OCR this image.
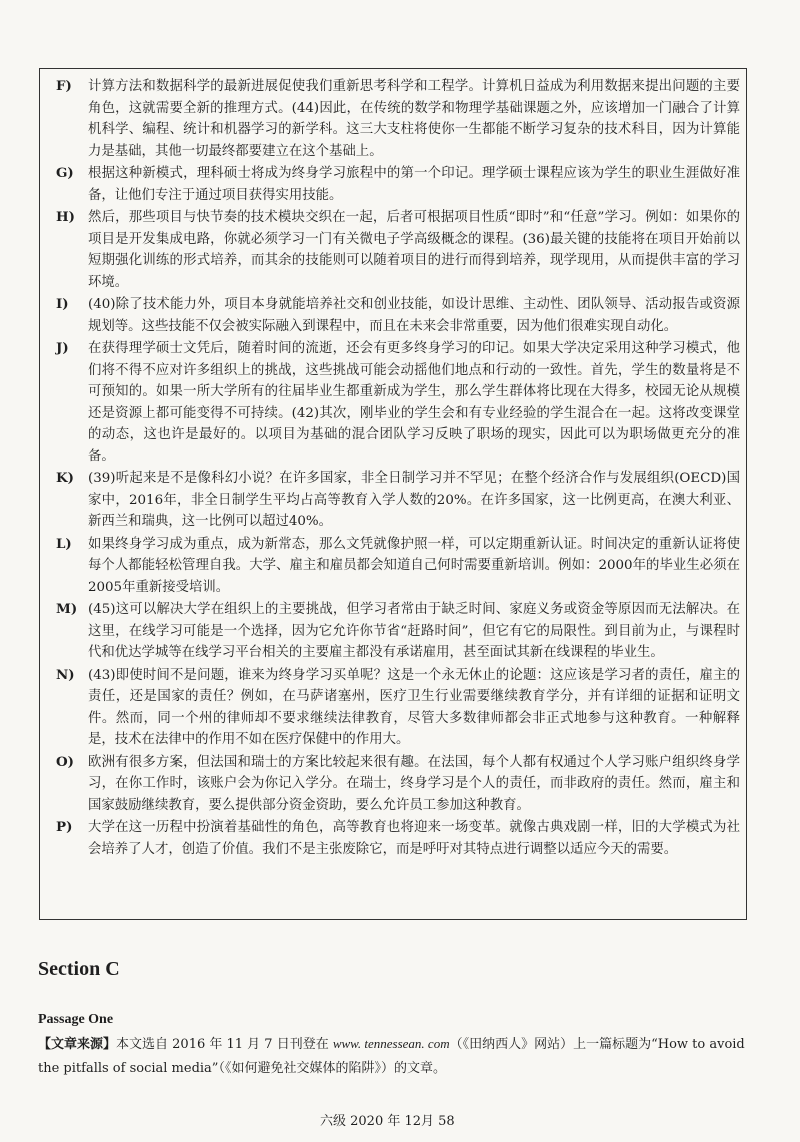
F) 计算方法和数据科学的最新进展促使我们重新思考科学和工程学。计算机日益成为利用数据来提出问题的主要角色，这就需要全新的推理方式。(44)因此，在传统的数学和物理学基础课题之外，应该增加一门融合了计算机科学、编程、统计和机器学习的新学科。这三大支柱将使你一生都能不断学习复杂的技术科目，因为计算能力是基础，其他一切最终都要建立在这个基础上。
G) 根据这种新模式，理科硕士将成为终身学习旅程中的第一个印记。理学硕士课程应该为学生的职业生涯做好准备，让他们专注于通过项目获得实用技能。
H) 然后，那些项目与快节奏的技术模块交织在一起，后者可根据项目性质“即时”和“任意”学习。例如：如果你的项目是开发集成电路，你就必须学习一门有关微电子学高级概念的课程。(36)最关键的技能将在项目开始前以短期强化训练的形式培养，而其余的技能则可以随着项目的进行而得到培养，现学现用，从而提供丰富的学习环境。
I) (40)除了技术能力外，项目本身就能培养社交和创业技能，如设计思维、主动性、团队领导、活动报告或资源规划等。这些技能不仅会被实际融入到课程中，而且在未来会非常重要，因为他们很难实现自动化。
J) 在获得理学硕士文凭后，随着时间的流逝，还会有更多终身学习的印记。如果大学决定采用这种学习模式，他们将不得不应对许多组织上的挑战，这些挑战可能会动摇他们地点和行动的一致性。首先，学生的数量将是不可预知的。如果一所大学所有的往届毕业生都重新成为学生，那么学生群体将比现在大得多，校园无论从规模还是资源上都可能变得不可持续。(42)其次，刚毕业的学生会和有专业经验的学生混合在一起。这将改变课堂的动态，这也许是最好的。以项目为基础的混合团队学习反映了职场的现实，因此可以为职场做更充分的准备。
K) (39)听起来是不是像科幻小说？在许多国家，非全日制学习并不罕见；在整个经济合作与发展组织(OECD)国家中，2016年，非全日制学生平均占高等教育入学人数的20%。在许多国家，这一比例更高，在澳大利亚、新西兰和瑞典，这一比例可以超过40%。
L) 如果终身学习成为重点，成为新常态，那么文凭就像护照一样，可以定期重新认证。时间决定的重新认证将使每个人都能轻松管理自我。大学、雇主和雇员都会知道自己何时需要重新培训。例如：2000年的毕业生必须在2005年重新接受培训。
M) (45)这可以解决大学在组织上的主要挑战，但学习者常由于缺乏时间、家庭义务或资金等原因而无法解决。在这里，在线学习可能是一个选择，因为它允许你节省“赶路时间”，但它有它的局限性。到目前为止，与课程时代和优达学城等在线学习平台相关的主要雇主都没有承诺雇用，甚至面试其新在线课程的毕业生。
N) (43)即使时间不是问题，谁来为终身学习买单呢？这是一个永无休止的论题：这应该是学习者的责任，雇主的责任，还是国家的责任？例如，在马萨诸塞州，医疗卫生行业需要继续教育学分，并有详细的证据和证明文件。然而，同一个州的律师却不要求继续法律教育，尽管大多数律师都会非正式地参与这种教育。一种解释是，技术在法律中的作用不如在医疗保健中的作用大。
O) 欧洲有很多方案，但法国和瑞士的方案比较起来很有趣。在法国，每个人都有权通过个人学习账户组织终身学习，在你工作时，该账户会为你记入学分。在瑞士，终身学习是个人的责任，而非政府的责任。然而，雇主和国家鼓励继续教育，要么提供部分资金资助，要么允许员工参加这种教育。
P) 大学在这一历程中扮演着基础性的角色，高等教育也将迎来一场变革。就像古典戏剧一样，旧的大学模式为社会培养了人才，创造了价值。我们不是主张废除它，而是呼吁对其特点进行调整以适应今天的需要。
Section C
Passage One
【文章来源】本文选自 2016 年 11 月 7 日刊登在 www. tennessean. com（《田纳西人》网站）上一篇标题为“How to avoid the pitfalls of social media”（《如何避免社交媒体的陷阱》）的文章。
六级 2020 年 12月 58
